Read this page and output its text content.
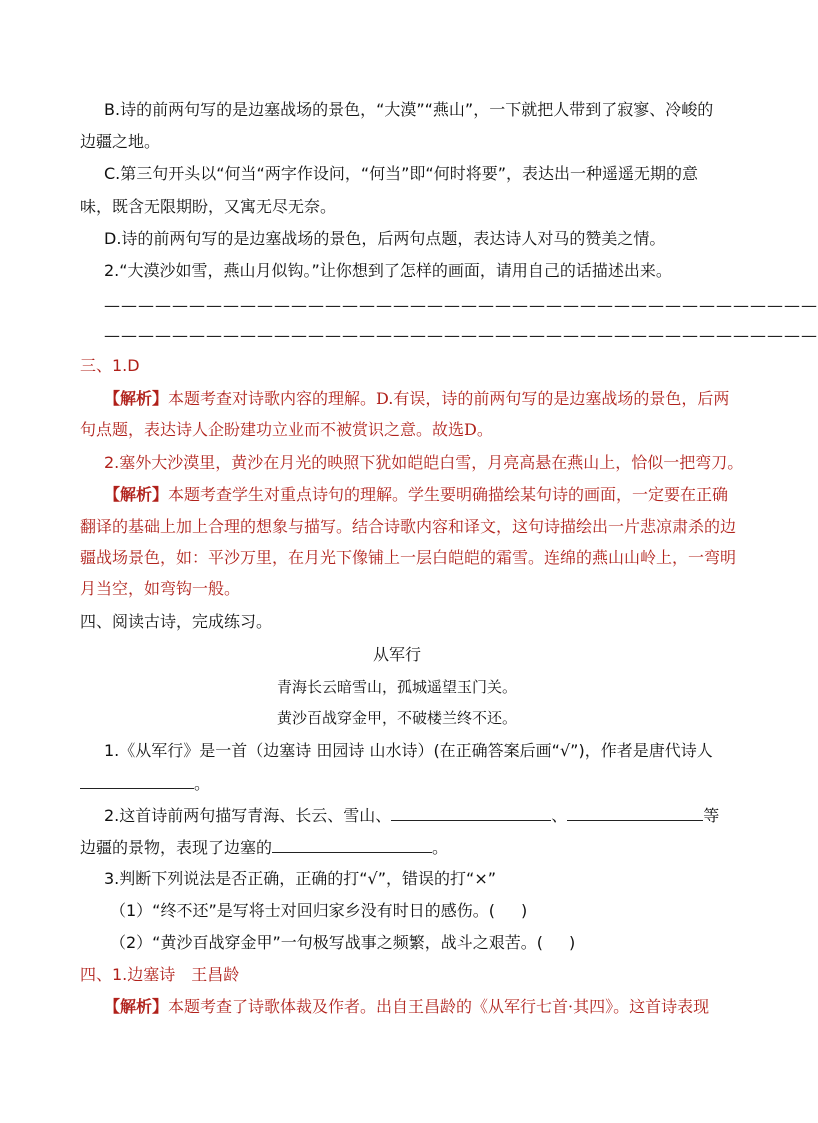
B.诗的前两句写的是边塞战场的景色，“大漠”“燕山”，一下就把人带到了寂寥、冷峻的
边疆之地。
C.第三句开头以“何当“两字作设问，“何当”即“何时将要”，表达出一种遥遥无期的意
味，既含无限期盼，又寓无尽无奈。
D.诗的前两句写的是边塞战场的景色，后两句点题，表达诗人对马的赞美之情。
2.“大漠沙如雪，燕山月似钩。”让你想到了怎样的画面，请用自己的话描述出来。
——————————————————————————————————————————
——————————————————————————————————————————
三、1.D
【解析】本题考查对诗歌内容的理解。D.有误，诗的前两句写的是边塞战场的景色，后两
句点题，表达诗人企盼建功立业而不被赏识之意。故选D。
2.塞外大沙漠里，黄沙在月光的映照下犹如皑皑白雪，月亮高悬在燕山上，恰似一把弯刀。
【解析】本题考查学生对重点诗句的理解。学生要明确描绘某句诗的画面，一定要在正确
翻译的基础上加上合理的想象与描写。结合诗歌内容和译文，这句诗描绘出一片悲凉肃杀的边
疆战场景色，如：平沙万里，在月光下像铺上一层白皑皑的霜雪。连绵的燕山山岭上，一弯明
月当空，如弯钩一般。
四、阅读古诗，完成练习。
从军行
青海长云暗雪山，孤城遥望玉门关。
黄沙百战穿金甲，不破楼兰终不还。
1.《从军行》是一首（边塞诗 田园诗 山水诗）(在正确答案后画“√”)，作者是唐代诗人
。
2.这首诗前两句描写青海、长云、雪山、	、	等
边疆的景物，表现了边塞的	。
3.判断下列说法是否正确，正确的打“√”，错误的打“×”
（1）“终不还”是写将士对回归家乡没有时日的感伤。( )
（2）“黄沙百战穿金甲”一句极写战事之频繁，战斗之艰苦。( )
四、1.边塞诗　王昌龄
【解析】本题考查了诗歌体裁及作者。出自王昌龄的《从军行七首·其四》。这首诗表现
